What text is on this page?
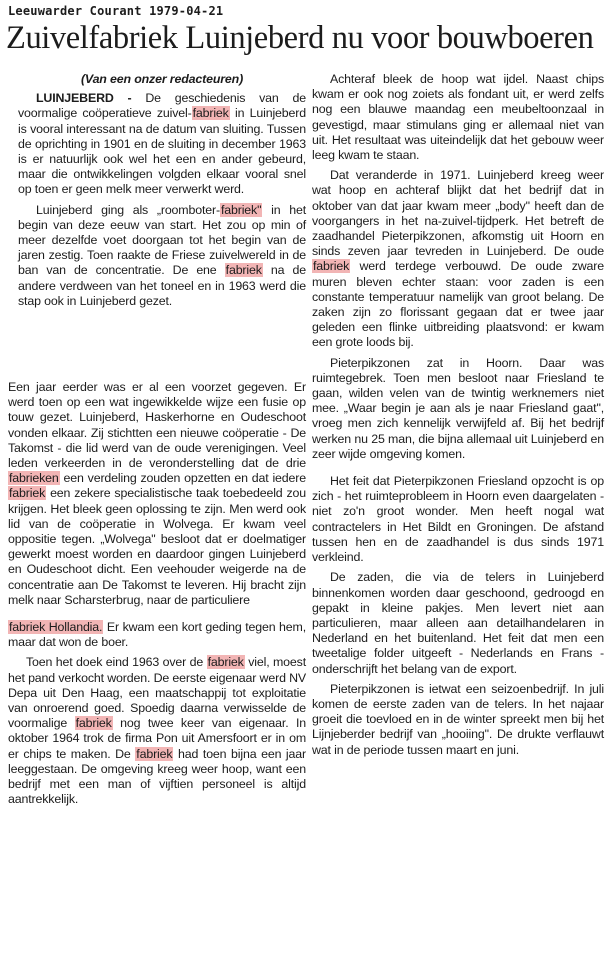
Leeuwarder Courant 1979-04-21
Zuivelfabriek Luinjeberd nu voor bouwboeren

(Van een onzer redacteuren)

LUINJEBERD - De geschiedenis van de voormalige coöperatieve zuivel-fabriek in Luinjeberd is vooral interessant na de datum van sluiting. Tussen de oprichting in 1901 en de sluiting in december 1963 is er natuurlijk ook wel het een en ander gebeurd, maar die ontwikkelingen volgden elkaar vooral snel op toen er geen melk meer verwerkt werd.

Luinjeberd ging als „roomboter-fabriek" in het begin van deze eeuw van start. Het zou op min of meer dezelfde voet doorgaan tot het begin van de jaren zestig. Toen raakte de Friese zuivelwereld in de ban van de concentratie. De ene fabriek na de andere verdween van het toneel en in 1963 werd die stap ook in Luinjeberd gezet.

Een jaar eerder was er al een voorzet gegeven. Er werd toen op een wat ingewikkelde wijze een fusie op touw gezet. Luinjeberd, Haskerhorne en Oudeschoot vonden elkaar. Zij stichtten een nieuwe coöperatie - De Takomst - die lid werd van de oude verenigingen. Veel leden verkeerden in de veronderstelling dat de drie fabrieken een verdeling zouden opzetten en dat iedere fabriek een zekere specialistische taak toebedeeld zou krijgen. Het bleek geen oplossing te zijn. Men werd ook lid van de coöperatie in Wolvega. Er kwam veel oppositie tegen. „Wolvega" besloot dat er doelmatiger gewerkt moest worden en daardoor gingen Luinjeberd en Oudeschoot dicht. Een veehouder weigerde na de concentratie aan De Takomst te leveren. Hij bracht zijn melk naar Scharsterbrug, naar de particuliere

fabriek Hollandia. Er kwam een kort geding tegen hem, maar dat won de boer.

Toen het doek eind 1963 over de fabriek viel, moest het pand verkocht worden. De eerste eigenaar werd NV Depa uit Den Haag, een maatschappij tot exploitatie van onroerend goed. Spoedig daarna verwisselde de voormalige fabriek nog twee keer van eigenaar. In oktober 1964 trok de firma Pon uit Amersfoort er in om er chips te maken. De fabriek had toen bijna een jaar leeggestaan. De omgeving kreeg weer hoop, want een bedrijf met een man of vijftien personeel is altijd aantrekkelijk.

Achteraf bleek de hoop wat ijdel. Naast chips kwam er ook nog zoiets als fondant uit, er werd zelfs nog een blauwe maandag een meubeltoonzaal in gevestigd, maar stimulans ging er allemaal niet van uit. Het resultaat was uiteindelijk dat het gebouw weer leeg kwam te staan.

Dat veranderde in 1971. Luinjeberd kreeg weer wat hoop en achteraf blijkt dat het bedrijf dat in oktober van dat jaar kwam meer „body" heeft dan de voorgangers in het na-zuivel-tijdperk. Het betreft de zaadhandel Pieterpikzonen, afkomstig uit Hoorn en sinds zeven jaar tevreden in Luinjeberd. De oude fabriek werd terdege verbouwd. De oude zware muren bleven echter staan: voor zaden is een constante temperatuur namelijk van groot belang. De zaken zijn zo florissant gegaan dat er twee jaar geleden een flinke uitbreiding plaatsvond: er kwam een grote loods bij.

Pieterpikzonen zat in Hoorn. Daar was ruimtegebrek. Toen men besloot naar Friesland te gaan, wilden velen van de twintig werknemers niet mee. „Waar begin je aan als je naar Friesland gaat", vroeg men zich kennelijk verwijfeld af. Bij het bedrijf werken nu 25 man, die bijna allemaal uit Luinjeberd en zeer wijde omgeving komen.

Het feit dat Pieterpikzonen Friesland opzocht is op zich - het ruimteprobleem in Hoorn even daargelaten - niet zo'n groot wonder. Men heeft nogal wat contractelers in Het Bildt en Groningen. De afstand tussen hen en de zaadhandel is dus sinds 1971 verkleind.

De zaden, die via de telers in Luinjeberd binnenkomen worden daar geschoond, gedroogd en gepakt in kleine pakjes. Men levert niet aan particulieren, maar alleen aan detailhandelaren in Nederland en het buitenland. Het feit dat men een tweetalige folder uitgeeft - Nederlands en Frans - onderschrijft het belang van de export.

Pieterpikzonen is ietwat een seizoenbedrijf. In juli komen de eerste zaden van de telers. In het najaar groeit die toevloed en in de winter spreekt men bij het Lijnjeberder bedrijf van „hooiing". De drukte verflauwt wat in de periode tussen maart en juni.
